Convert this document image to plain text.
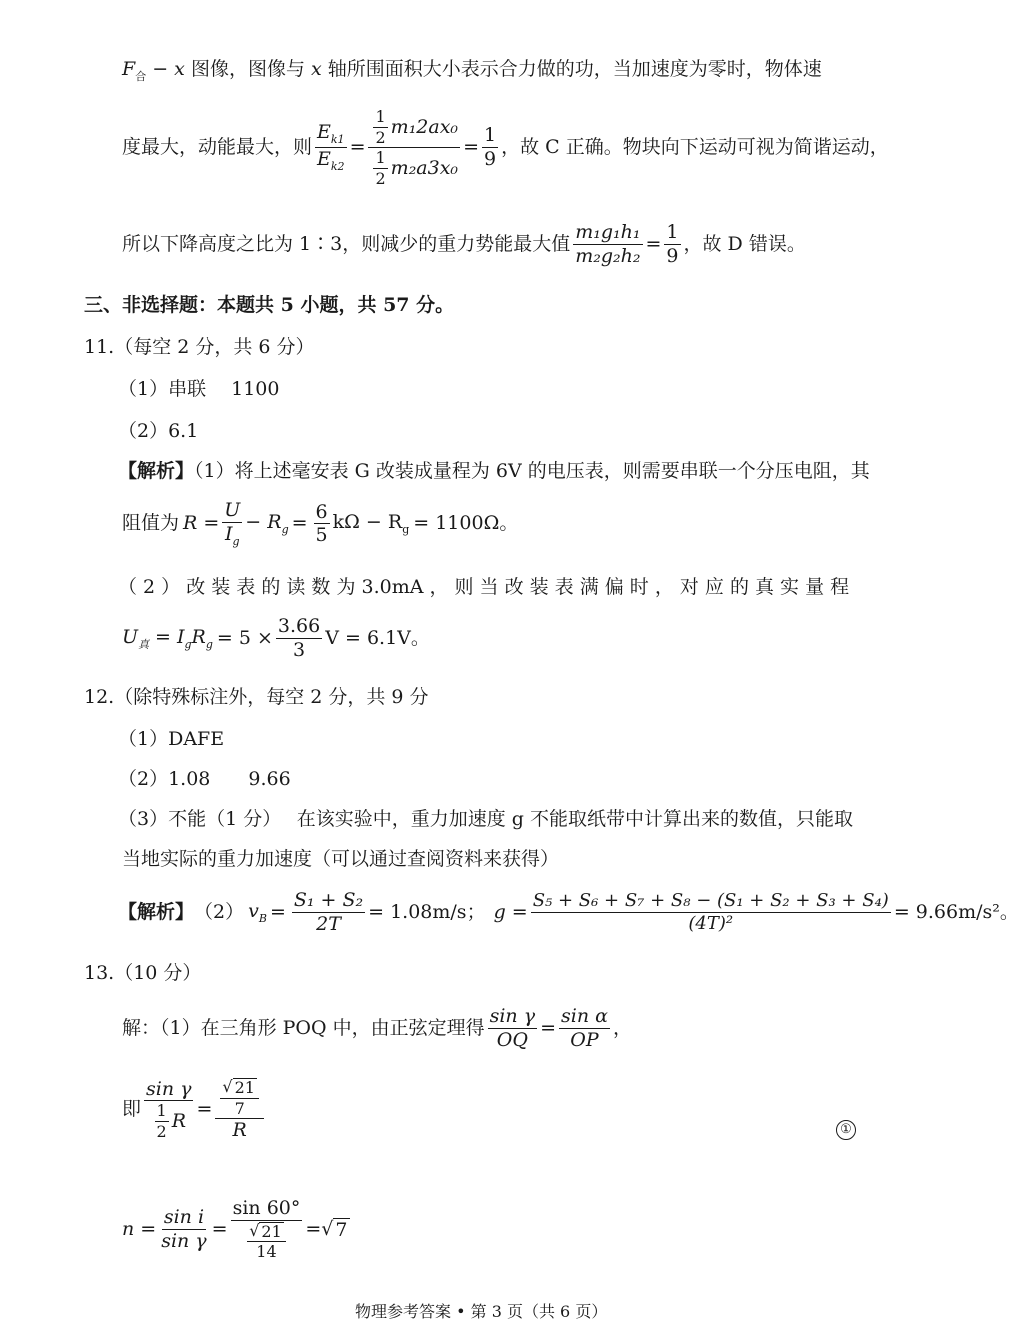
$F_合 - x$ 图像，图像与 x 轴所围面积大小表示合力做的功，当加速度为零时，物体速
度最大，动能最大，则 $\frac{E_{k1}}{E_{k2}} = \frac{\frac{1}{2} m_12ax_0}{\frac{1}{2} m_2a3x_0} = \frac{1}{9}$ ，故 C 正确。物块向下运动可视为简谐运动，
所以下降高度之比为 1∶3，则减少的重力势能最大值 $\frac{\text{m₁g₁h₁}}{\text{m₂g₂h₂}} = \frac{1}{9}$ ，故 D 错误。
三、非选择题：本题共 5 小题，共 57 分。
11.（每空 2 分，共 6 分）
（1）串联　 1100
（2）6.1
【解析】（1）将上述毫安表 G 改装成量程为 6V 的电压表，则需要串联一个分压电阻，其
阻值为 $R = \frac{U}{I_g} - R_g = \frac{6}{5}$ $k\Omega - R_g = 1100\Omega$ 。
（ 2 ） 改 装 表 的 读 数 为 3.0mA ， 则 当 改 装 表 满 偏 时 ， 对 应 的 真 实 量 程
$U_真 = I_gR_g = 5 \times \frac{3.66}{3}$ V = 6.1V 。
12.（除特殊标注外，每空 2 分，共 9 分
（1）DAFE
（2）1.08　　9.66
（3）不能（1 分）　 在该实验中，重力加速度 g 不能取纸带中计算出来的数值，只能取
当地实际的重力加速度（可以通过查阅资料来获得）
【解析】 （2） $v_B = \frac{\text{S₁ + S₂}}{2T} = 1.08m/s$ ； $g = \frac{\text{S₅ + S₆ + S₇ + S₈ − (S₁ + S₂ + S₃ + S₄)}}{\text{(4T)²}} = 9.66m/s^2$ 。
13.（10 分）
解：（1）在三角形 POQ 中，由正弦定理得 $\frac{\text{sin γ}}{OQ} = \frac{\text{sin α}}{OP}$ ，
即 $\frac{\text{sin γ}}{\frac{1}{2} R} = \frac{\frac{√ 21}{7}}{R}$	①
$n = \frac{\text{sin i}}{\text{sin γ}} = \frac{\sin 60^\circ}{\frac{√ 21}{14}}$ = √ 7
物理参考答案 • 第 3 页（共 6 页）
